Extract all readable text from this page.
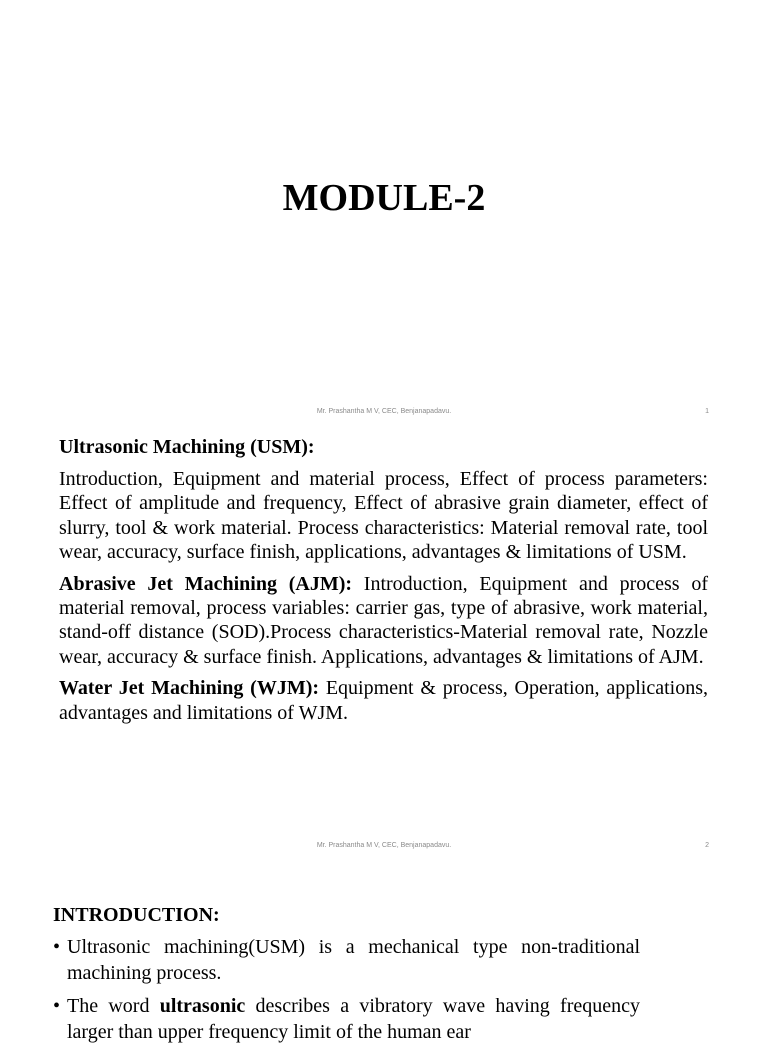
MODULE-2
Mr. Prashantha M V, CEC, Benjanapadavu.	1
Ultrasonic Machining (USM):

Introduction, Equipment and material process, Effect of process parameters: Effect of amplitude and frequency, Effect of abrasive grain diameter, effect of slurry, tool & work material. Process characteristics: Material removal rate, tool wear, accuracy, surface finish, applications, advantages & limitations of USM.

Abrasive Jet Machining (AJM): Introduction, Equipment and process of material removal, process variables: carrier gas, type of abrasive, work material, stand-off distance (SOD).Process characteristics-Material removal rate, Nozzle wear, accuracy & surface finish. Applications, advantages & limitations of AJM.

Water Jet Machining (WJM): Equipment & process, Operation, applications, advantages and limitations of WJM.

Mr. Prashantha M V, CEC, Benjanapadavu.	2
INTRODUCTION:
• Ultrasonic machining(USM) is a mechanical type non-traditional machining process.
• The word ultrasonic describes a vibratory wave having frequency larger than upper frequency limit of the human ear
